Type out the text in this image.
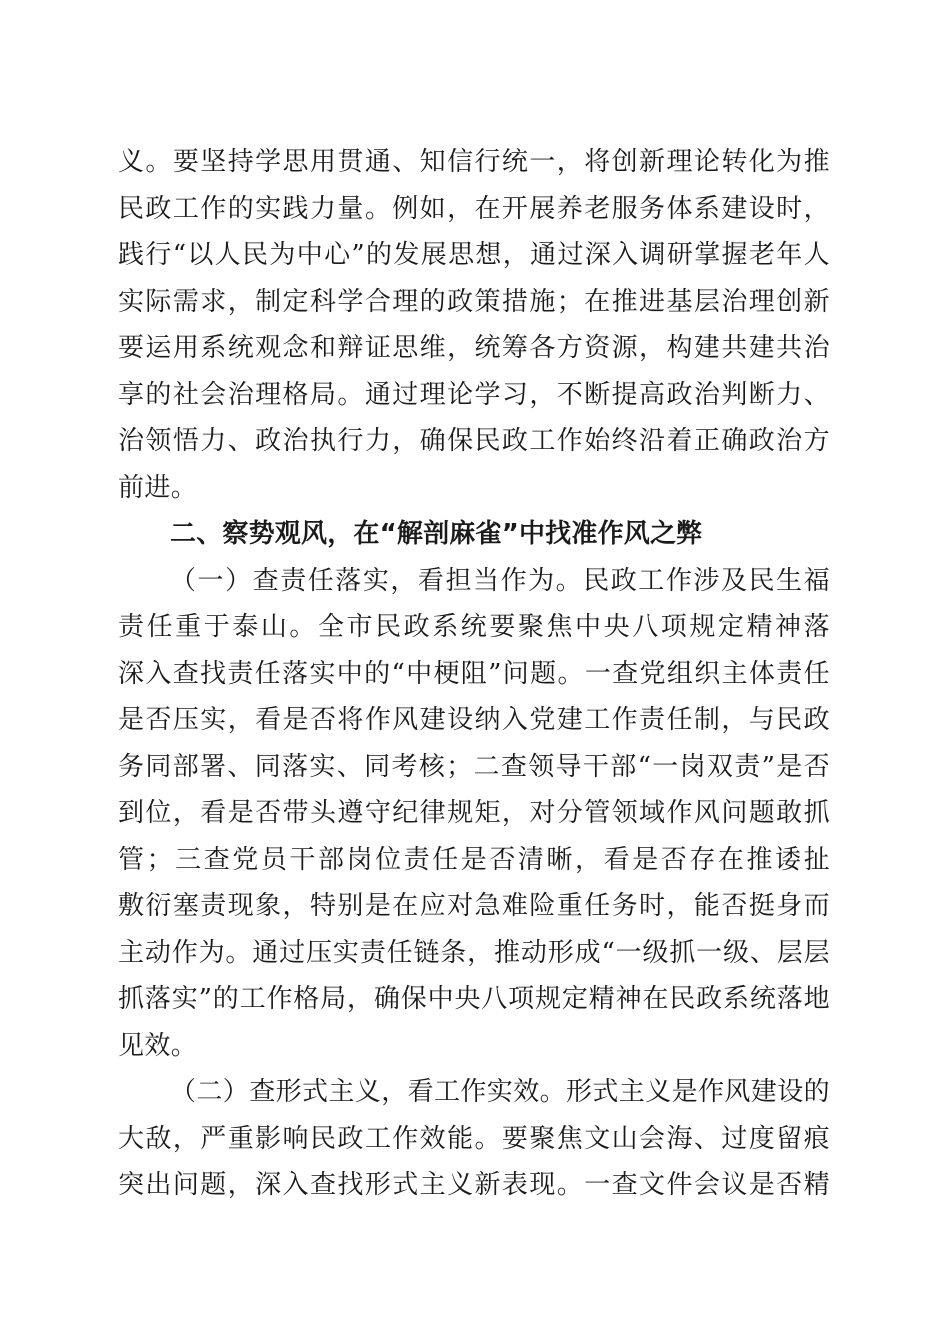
义。要坚持学思用贯通、知信行统一，将创新理论转化为推
民政工作的实践力量。例如，在开展养老服务体系建设时，
践行“以人民为中心”的发展思想，通过深入调研掌握老年人
实际需求，制定科学合理的政策措施；在推进基层治理创新
要运用系统观念和辩证思维，统筹各方资源，构建共建共治
享的社会治理格局。通过理论学习，不断提高政治判断力、
治领悟力、政治执行力，确保民政工作始终沿着正确政治方
前进。
二、察势观风，在“解剖麻雀”中找准作风之弊
（一）查责任落实，看担当作为。民政工作涉及民生福
责任重于泰山。全市民政系统要聚焦中央八项规定精神落
深入查找责任落实中的“中梗阻”问题。一查党组织主体责任
是否压实，看是否将作风建设纳入党建工作责任制，与民政
务同部署、同落实、同考核；二查领导干部“一岗双责”是否
到位，看是否带头遵守纪律规矩，对分管领域作风问题敢抓
管；三查党员干部岗位责任是否清晰，看是否存在推诿扯
敷衍塞责现象，特别是在应对急难险重任务时，能否挺身而
主动作为。通过压实责任链条，推动形成“一级抓一级、层层
抓落实”的工作格局，确保中央八项规定精神在民政系统落地
见效。
（二）查形式主义，看工作实效。形式主义是作风建设的
大敌，严重影响民政工作效能。要聚焦文山会海、过度留痕
突出问题，深入查找形式主义新表现。一查文件会议是否精
